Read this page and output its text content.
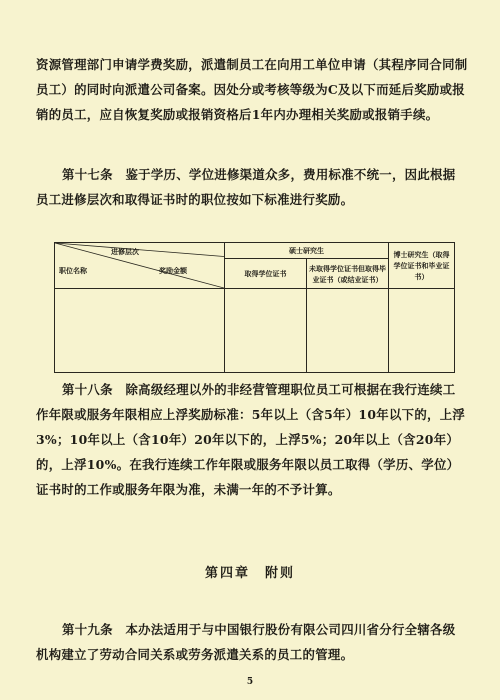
资源管理部门申请学费奖励，派遣制员工在向用工单位申请（其程序同合同制员工）的同时向派遣公司备案。因处分或考核等级为C及以下而延后奖励或报销的员工，应自恢复奖励或报销资格后1年内办理相关奖励或报销手续。
第十七条　 鉴于学历、学位进修渠道众多，费用标准不统一，因此根据员工进修层次和取得证书时的职位按如下标准进行奖励。
进修层次
职位名称 奖励金额	硕士研究生		博士研究生（取得学位证书和毕业证书）
	取得学位证书	未取得学位证书但取得毕业证书（或结业证书）	

第十八条　 除高级经理以外的非经营管理职位员工可根据在我行连续工作年限或服务年限相应上浮奖励标准：5年以上（含5年）10年以下的，上浮3%；10年以上（含10年）20年以下的，上浮5%；20年以上（含20年）的，上浮10%。在我行连续工作年限或服务年限以员工取得（学历、学位）证书时的工作或服务年限为准，未满一年的不予计算。
第四章　附则
第十九条　 本办法适用于与中国银行股份有限公司四川省分行全辖各级机构建立了劳动合同关系或劳务派遣关系的员工的管理。
5
